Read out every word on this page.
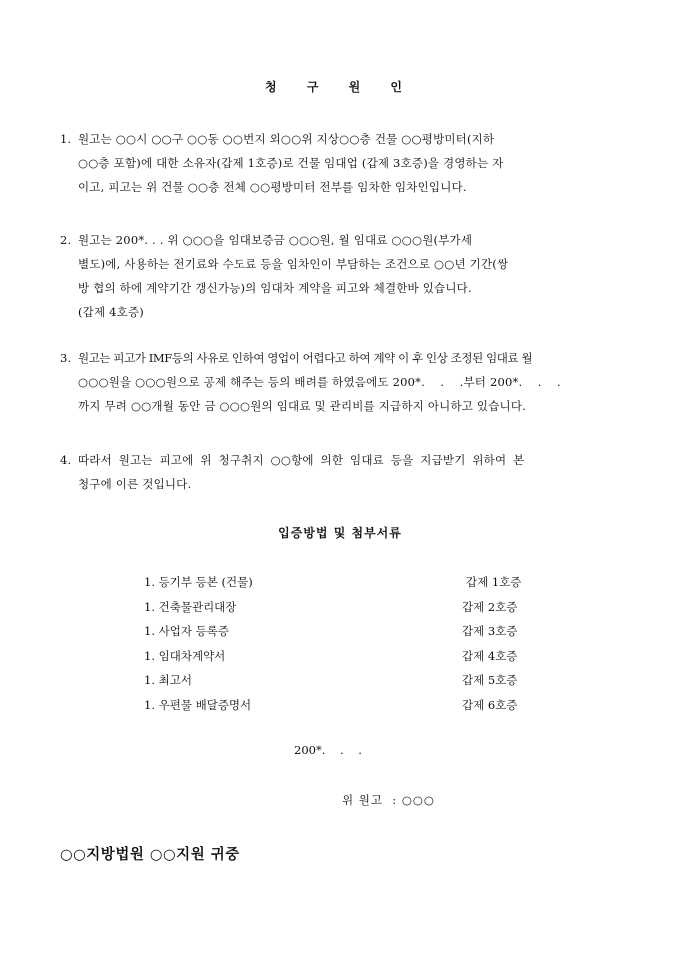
청 구 원 인
1. 원고는 ○○시 ○○구 ○○동 ○○번지 외○○위 지상○○층 건물 ○○평방미터(지하
○○층 포함)에 대한 소유자(갑제 1호증)로 건물 임대업 (갑제 3호증)을 경영하는 자
이고, 피고는 위 건물 ○○층 전체 ○○평방미터 전부를 임차한 임차인입니다.
2. 원고는 200*. . . 위 ○○○을 임대보증금 ○○○원, 월 임대료 ○○○원(부가세
별도)에, 사용하는 전기료와 수도료 등을 임차인이 부담하는 조건으로 ○○년 기간(쌍
방 협의 하에 계약기간 갱신가능)의 임대차 계약을 피고와 체결한바 있습니다.
(갑제 4호증)
3. 원고는 피고가 IMF등의 사유로 인하여 영업이 어렵다고 하여 계약 이 후 인상 조정된 임대료 월
○○○원을 ○○○원으로 공제 해주는 등의 배려를 하였음에도 200*.    .    .부터 200*.    .    .
까지 무려 ○○개월 동안 금 ○○○원의 임대료 및 관리비를 지급하지 아니하고 있습니다.
4. 따라서 원고는 피고에 위 청구취지 ○○항에 의한 임대료 등을 지급받기 위하여 본
청구에 이른 것입니다.
입증방법 및 첨부서류
1. 등기부 등본 (건물)	갑제 1호증
1. 건축물관리대장	갑제 2호증
1. 사업자 등록증	갑제 3호증
1. 임대차계약서	갑제 4호증
1. 최고서	갑제 5호증
1. 우편물 배달증명서	갑제 6호증
200*.    .    .
위 원고  : ○○○
○○지방법원 ○○지원 귀중
